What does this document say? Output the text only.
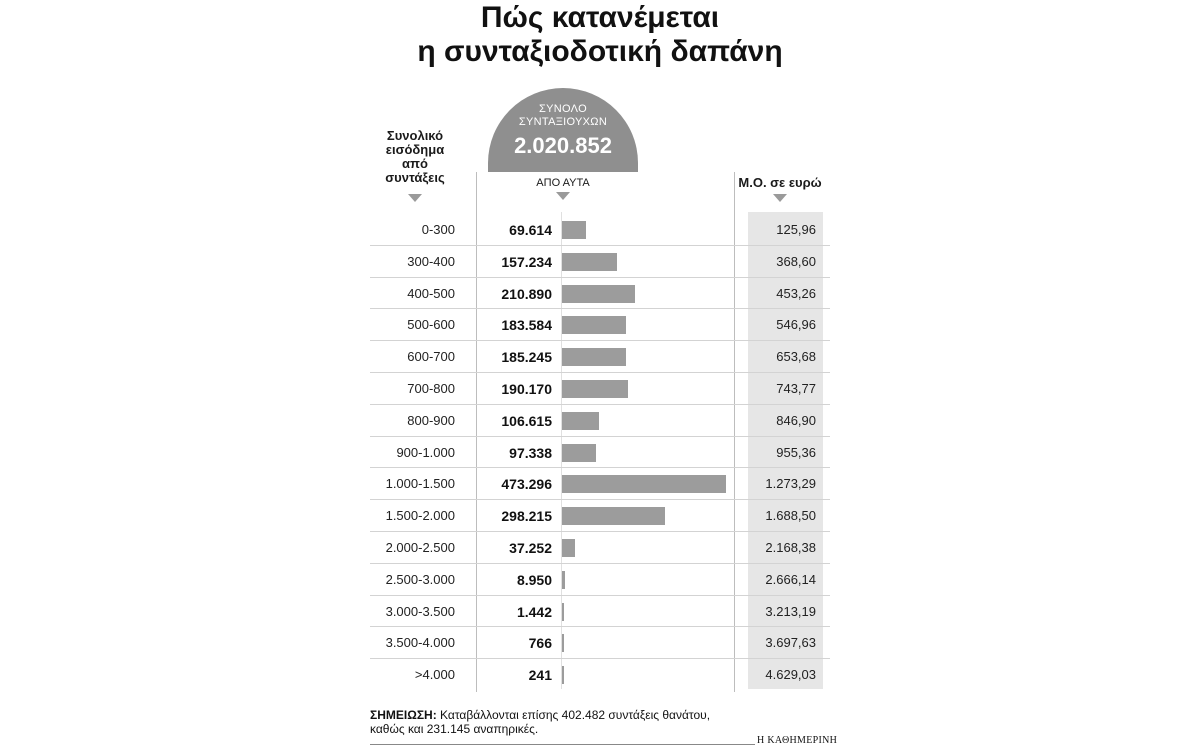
Πώς κατανέμεται
η συνταξιοδοτική δαπάνη
ΣΥΝΟΛΟ
ΣΥΝΤΑΞΙΟΥΧΩΝ
2.020.852
Συνολικό
εισόδημα
από
συντάξεις	ΑΠΟ ΑΥΤΑ	Μ.Ο. σε ευρώ
0-300	69.614	125,96
300-400	157.234	368,60
400-500	210.890	453,26
500-600	183.584	546,96
600-700	185.245	653,68
700-800	190.170	743,77
800-900	106.615	846,90
900-1.000	97.338	955,36
1.000-1.500	473.296	1.273,29
1.500-2.000	298.215	1.688,50
2.000-2.500	37.252	2.168,38
2.500-3.000	8.950	2.666,14
3.000-3.500	1.442	3.213,19
3.500-4.000	766	3.697,63
>4.000	241	4.629,03
ΣΗΜΕΙΩΣΗ: Καταβάλλονται επίσης 402.482 συντάξεις θανάτου,
καθώς και 231.145 αναπηρικές.
Η ΚΑΘΗΜΕΡΙΝΗ
